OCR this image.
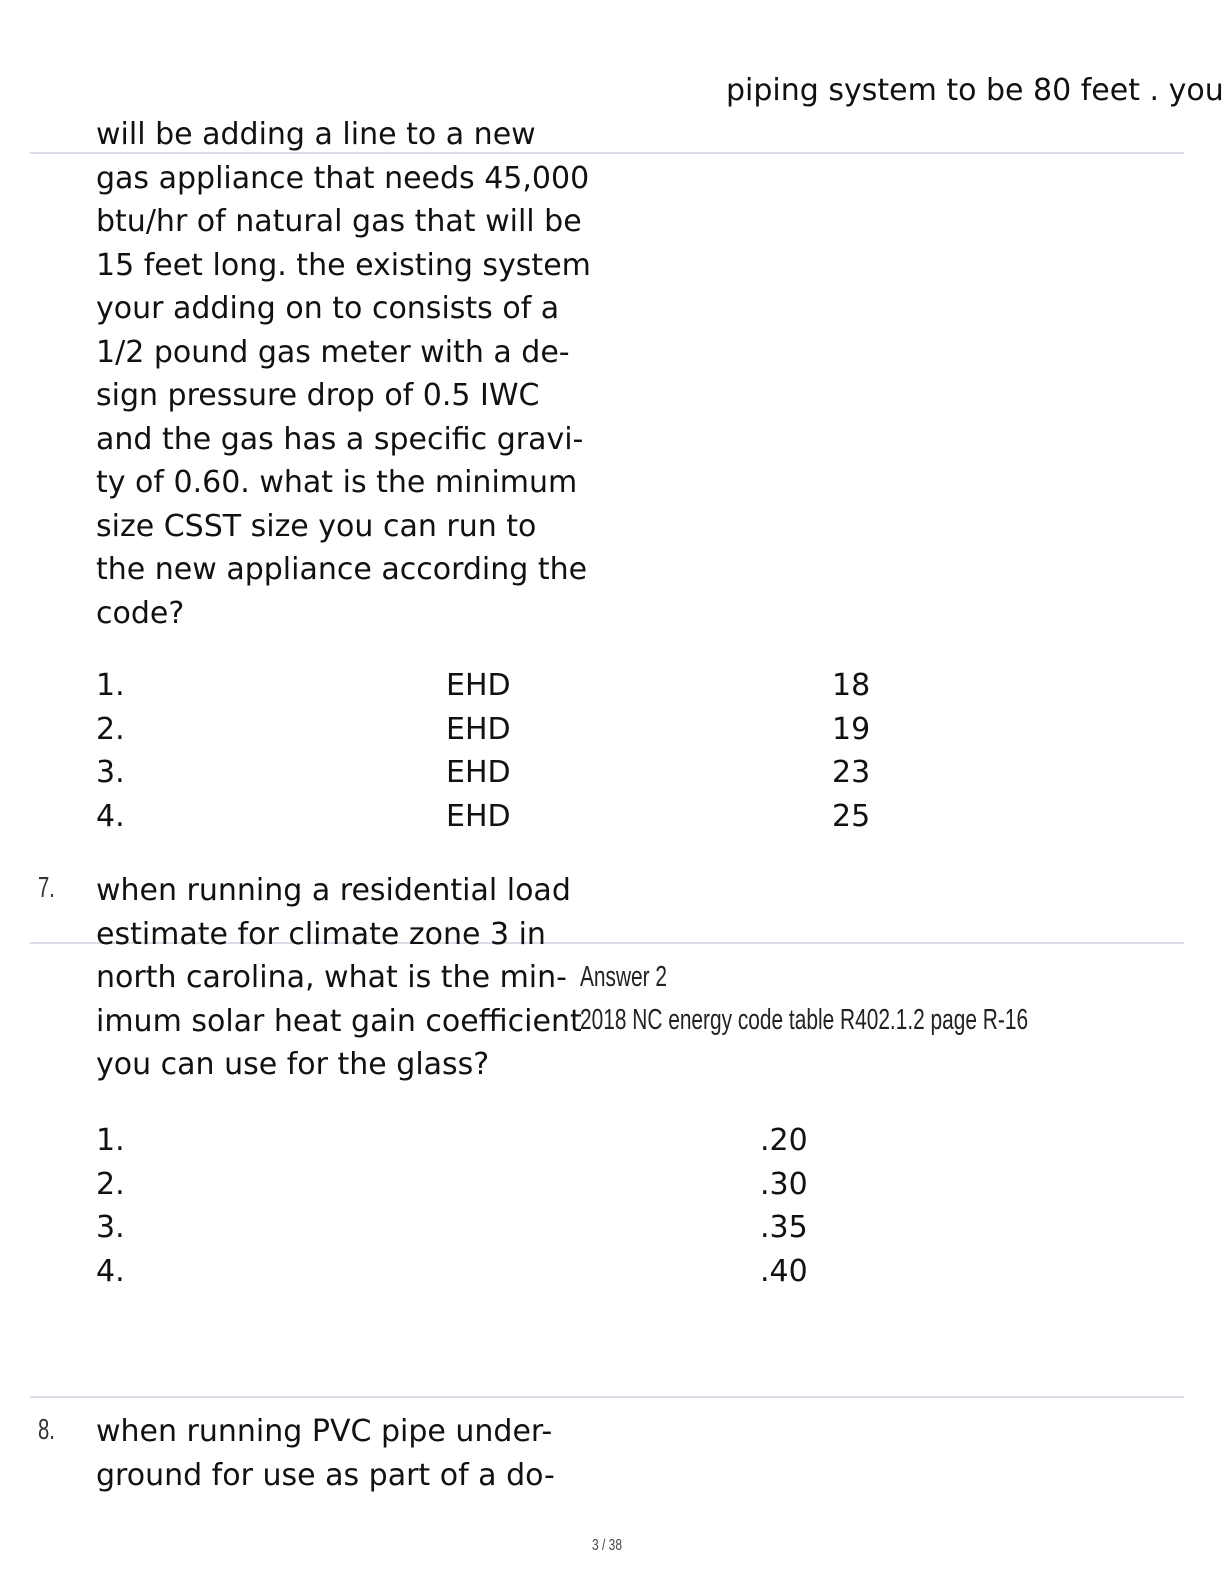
piping system to be 80 feet . you
will be adding a line to a new
gas appliance that needs 45,000
btu/hr of natural gas that will be
15 feet long. the existing system
your adding on to consists of a
1/2 pound gas meter with a de-
sign pressure drop of 0.5 IWC
and the gas has a specific gravi-
ty of 0.60. what is the minimum
size CSST size you can run to
the new appliance according the
code?
1.	EHD	18
2.	EHD	19
3.	EHD	23
4.	EHD	25
7. when running a residential load
estimate for climate zone 3 in
north carolina, what is the min-
imum solar heat gain coefficient
you can use for the glass?
Answer 2
2018 NC energy code table R402.1.2 page R-16
1.	.20
2.	.30
3.	.35
4.	.40
8. when running PVC pipe under-
ground for use as part of a do-
3 / 38
